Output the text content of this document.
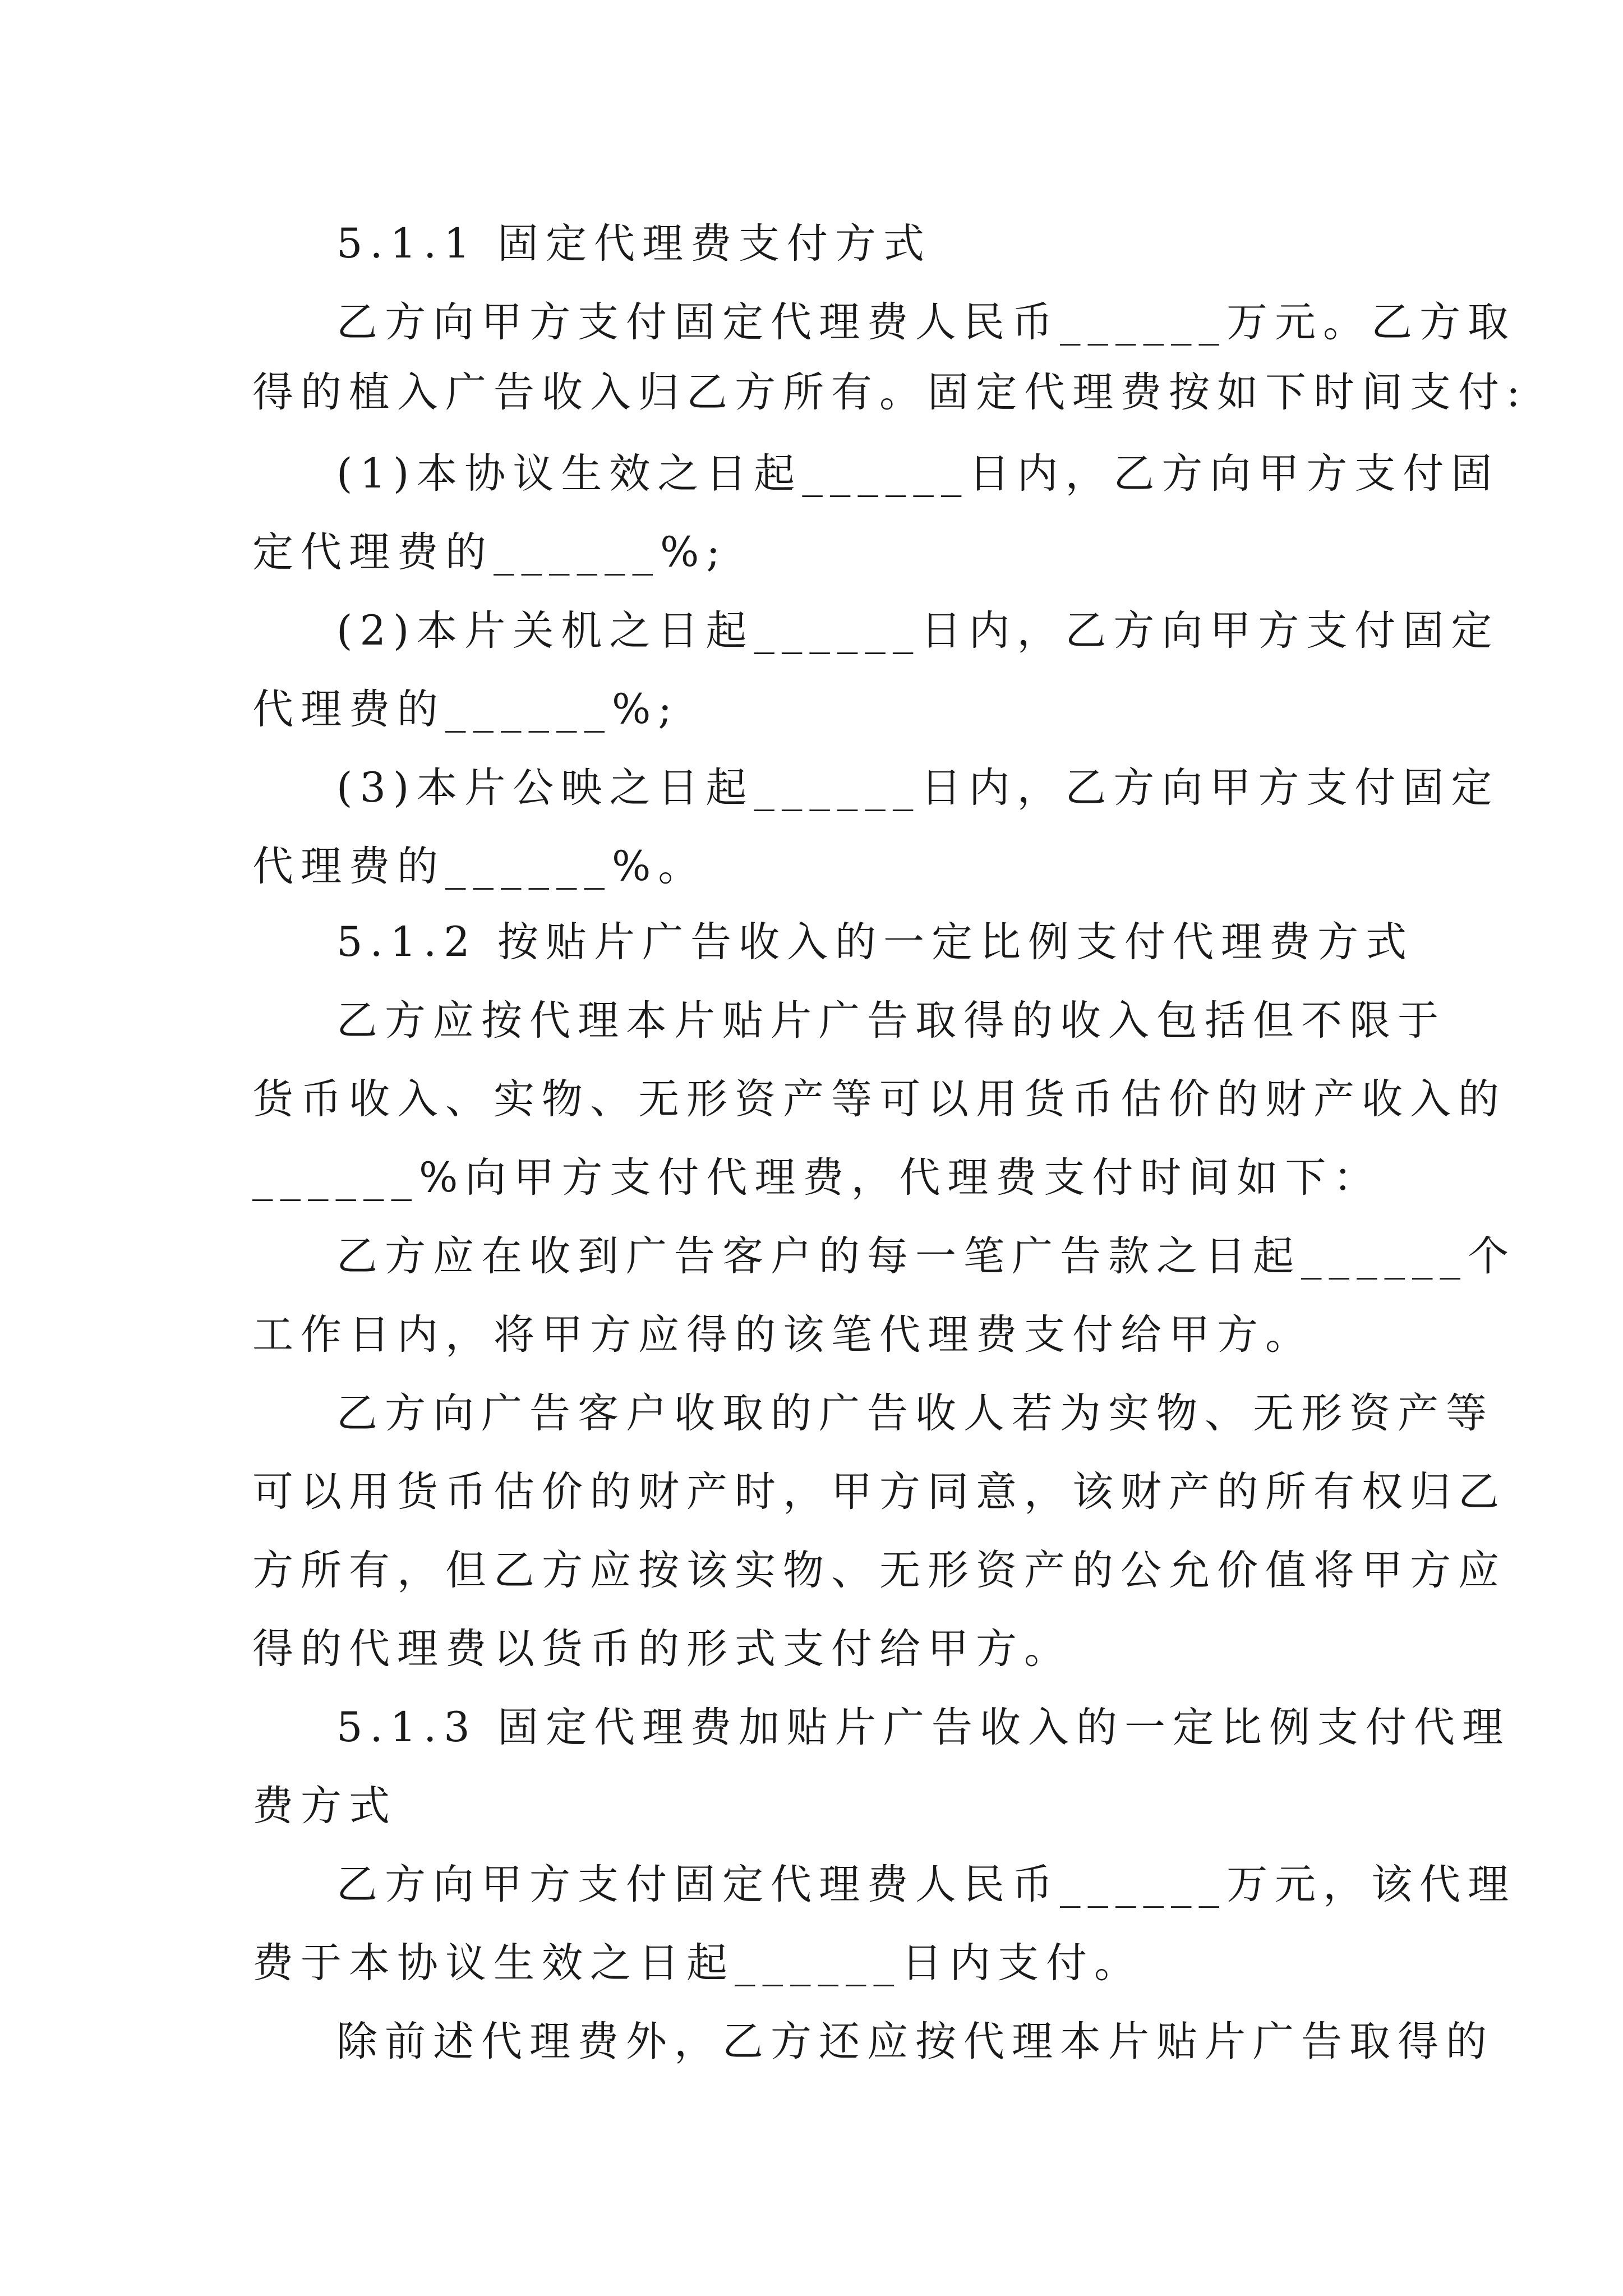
5.1.1 固定代理费支付方式
乙方向甲方支付固定代理费人民币______万元。乙方取
得的植入广告收入归乙方所有。固定代理费按如下时间支付:
(1)本协议生效之日起______日内，乙方向甲方支付固
定代理费的______%;
(2)本片关机之日起______日内，乙方向甲方支付固定
代理费的______%;
(3)本片公映之日起______日内，乙方向甲方支付固定
代理费的______%。
5.1.2 按贴片广告收入的一定比例支付代理费方式
乙方应按代理本片贴片广告取得的收入包括但不限于
货币收入、实物、无形资产等可以用货币估价的财产收入的
______%向甲方支付代理费，代理费支付时间如下：
乙方应在收到广告客户的每一笔广告款之日起______个
工作日内，将甲方应得的该笔代理费支付给甲方。
乙方向广告客户收取的广告收人若为实物、无形资产等
可以用货币估价的财产时，甲方同意，该财产的所有权归乙
方所有，但乙方应按该实物、无形资产的公允价值将甲方应
得的代理费以货币的形式支付给甲方。
5.1.3 固定代理费加贴片广告收入的一定比例支付代理
费方式
乙方向甲方支付固定代理费人民币______万元，该代理
费于本协议生效之日起______日内支付。
除前述代理费外，乙方还应按代理本片贴片广告取得的
